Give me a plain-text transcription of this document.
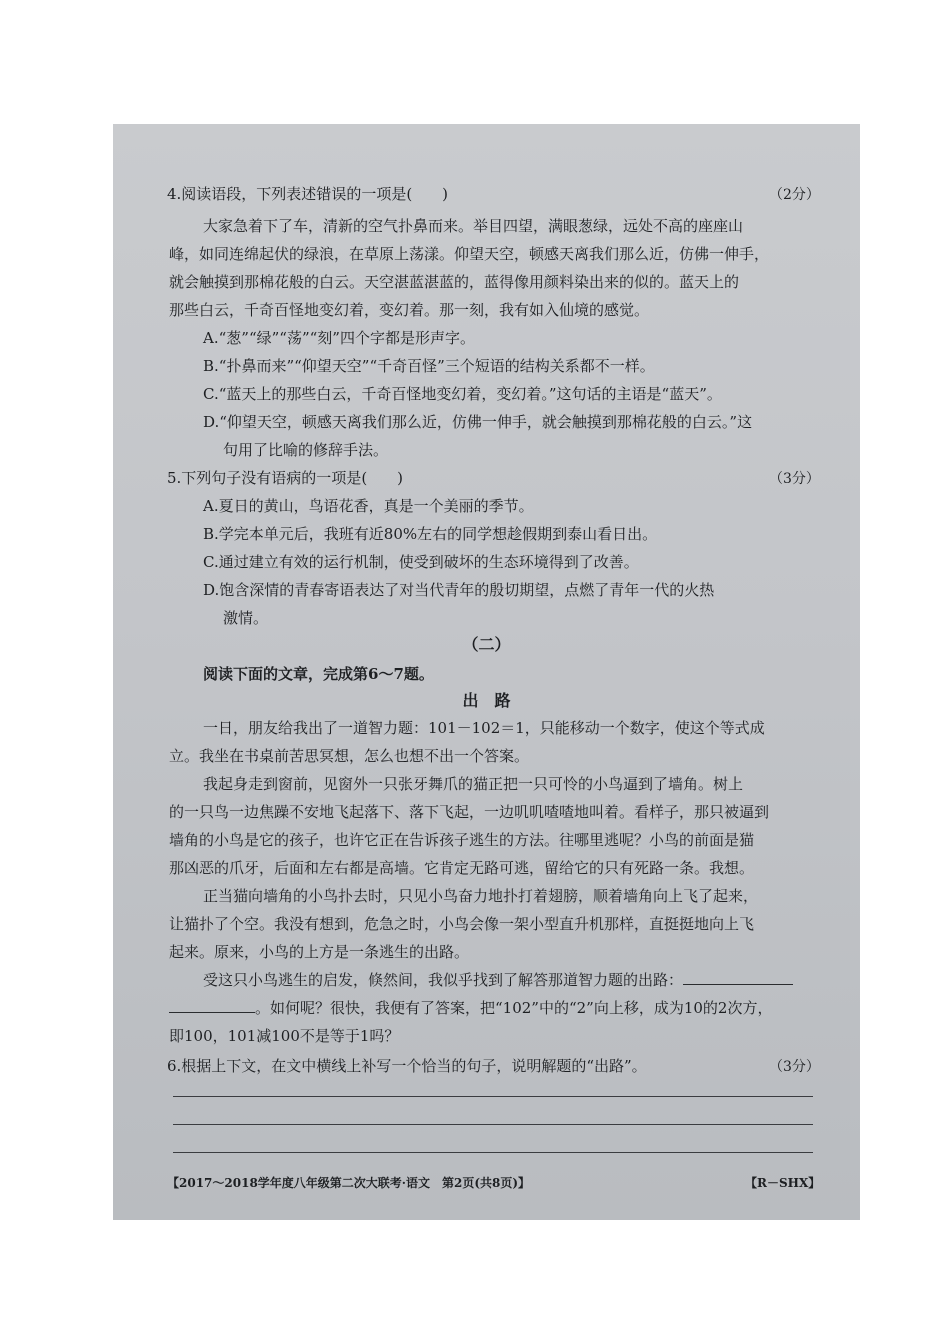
4.阅读语段，下列表述错误的一项是(　　)	（2分）
大家急着下了车，清新的空气扑鼻而来。举目四望，满眼葱绿，远处不高的座座山
峰，如同连绵起伏的绿浪，在草原上荡漾。仰望天空，顿感天离我们那么近，仿佛一伸手，
就会触摸到那棉花般的白云。天空湛蓝湛蓝的，蓝得像用颜料染出来的似的。蓝天上的
那些白云，千奇百怪地变幻着，变幻着。那一刻，我有如入仙境的感觉。
A.“葱”“绿”“荡”“刻”四个字都是形声字。
B.“扑鼻而来”“仰望天空”“千奇百怪”三个短语的结构关系都不一样。
C.“蓝天上的那些白云，千奇百怪地变幻着，变幻着。”这句话的主语是“蓝天”。
D.“仰望天空，顿感天离我们那么近，仿佛一伸手，就会触摸到那棉花般的白云。”这
句用了比喻的修辞手法。
5.下列句子没有语病的一项是(　　)	（3分）
A.夏日的黄山，鸟语花香，真是一个美丽的季节。
B.学完本单元后，我班有近80%左右的同学想趁假期到泰山看日出。
C.通过建立有效的运行机制，使受到破坏的生态环境得到了改善。
D.饱含深情的青春寄语表达了对当代青年的殷切期望，点燃了青年一代的火热
激情。
（二）
阅读下面的文章，完成第6～7题。
出　路
一日，朋友给我出了一道智力题：101－102＝1，只能移动一个数字，使这个等式成
立。我坐在书桌前苦思冥想，怎么也想不出一个答案。
我起身走到窗前，见窗外一只张牙舞爪的猫正把一只可怜的小鸟逼到了墙角。树上
的一只鸟一边焦躁不安地飞起落下、落下飞起，一边叽叽喳喳地叫着。看样子，那只被逼到
墙角的小鸟是它的孩子，也许它正在告诉孩子逃生的方法。往哪里逃呢？小鸟的前面是猫
那凶恶的爪牙，后面和左右都是高墙。它肯定无路可逃，留给它的只有死路一条。我想。
正当猫向墙角的小鸟扑去时，只见小鸟奋力地扑打着翅膀，顺着墙角向上飞了起来，
让猫扑了个空。我没有想到，危急之时，小鸟会像一架小型直升机那样，直挺挺地向上飞
起来。原来，小鸟的上方是一条逃生的出路。
受这只小鸟逃生的启发，倏然间，我似乎找到了解答那道智力题的出路：
。如何呢？很快，我便有了答案，把“102”中的“2”向上移，成为10的2次方，
即100，101减100不是等于1吗？
6.根据上下文，在文中横线上补写一个恰当的句子，说明解题的“出路”。	（3分）
【2017～2018学年度八年级第二次大联考·语文　第2页(共8页)】	【R－SHX】
